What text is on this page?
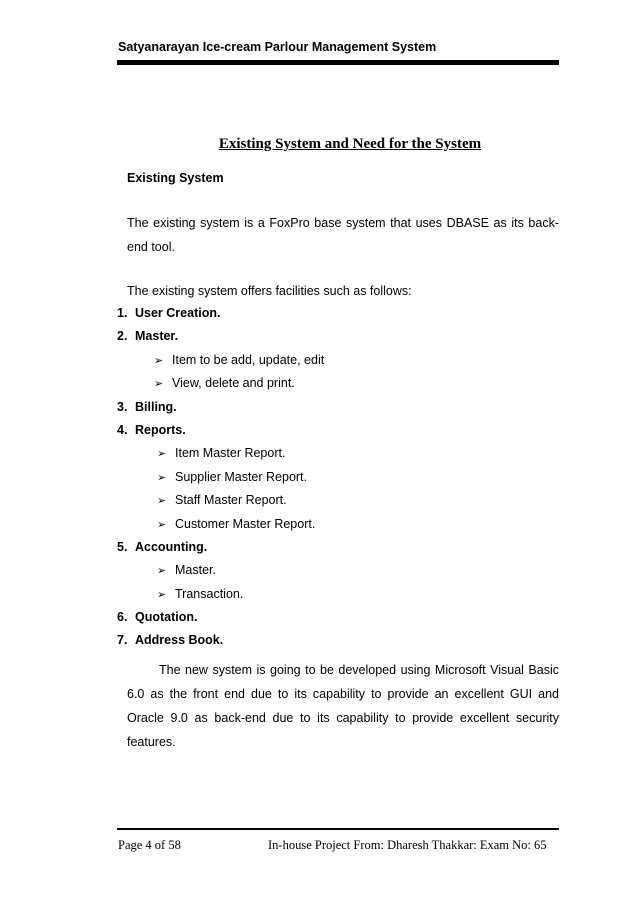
Satyanarayan Ice-cream Parlour Management System
Existing System and Need for the System
Existing System
The existing system is a FoxPro base system that uses DBASE as its back-end tool.
The existing system offers facilities such as follows:
1. User Creation.
2. Master.
➢ Item to be add, update, edit
➢ View, delete and print.
3. Billing.
4. Reports.
➢ Item Master Report.
➢ Supplier Master Report.
➢ Staff Master Report.
➢ Customer Master Report.
5. Accounting.
➢ Master.
➢ Transaction.
6. Quotation.
7. Address Book.
The new system is going to be developed using Microsoft Visual Basic 6.0 as the front end due to its capability to provide an excellent GUI and Oracle 9.0 as back-end due to its capability to provide excellent security features.
Page 4 of 58	In-house Project From: Dharesh Thakkar: Exam No: 65
